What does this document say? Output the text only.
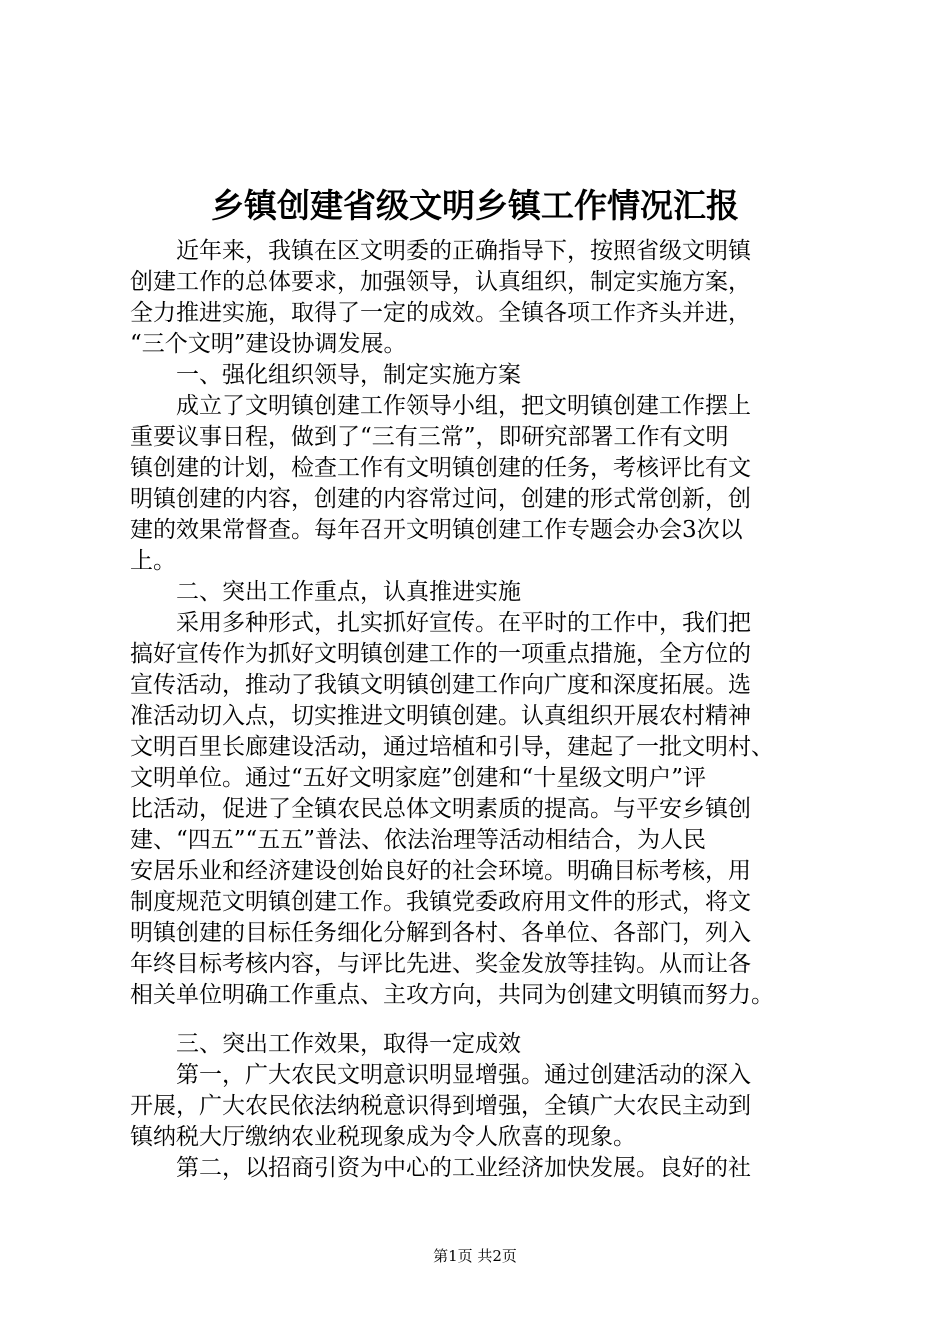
乡镇创建省级文明乡镇工作情况汇报

　　近年来，我镇在区文明委的正确指导下，按照省级文明镇

创建工作的总体要求，加强领导，认真组织，制定实施方案，

全力推进实施，取得了一定的成效。全镇各项工作齐头并进，

“三个文明”建设协调发展。

　　一、强化组织领导，制定实施方案

　　成立了文明镇创建工作领导小组，把文明镇创建工作摆上

重要议事日程，做到了“三有三常”，即研究部署工作有文明

镇创建的计划，检查工作有文明镇创建的任务，考核评比有文

明镇创建的内容，创建的内容常过问，创建的形式常创新，创

建的效果常督查。每年召开文明镇创建工作专题会办会3次以

上。

　　二、突出工作重点，认真推进实施

　　采用多种形式，扎实抓好宣传。在平时的工作中，我们把

搞好宣传作为抓好文明镇创建工作的一项重点措施，全方位的

宣传活动，推动了我镇文明镇创建工作向广度和深度拓展。选

准活动切入点，切实推进文明镇创建。认真组织开展农村精神

文明百里长廊建设活动，通过培植和引导，建起了一批文明村、

文明单位。通过“五好文明家庭”创建和“十星级文明户”评

比活动，促进了全镇农民总体文明素质的提高。与平安乡镇创

建、“四五”“五五”普法、依法治理等活动相结合，为人民

安居乐业和经济建设创始良好的社会环境。明确目标考核，用

制度规范文明镇创建工作。我镇党委政府用文件的形式，将文

明镇创建的目标任务细化分解到各村、各单位、各部门，列入

年终目标考核内容，与评比先进、奖金发放等挂钩。从而让各

相关单位明确工作重点、主攻方向，共同为创建文明镇而努力。

　　三、突出工作效果，取得一定成效

　　第一，广大农民文明意识明显增强。通过创建活动的深入

开展，广大农民依法纳税意识得到增强，全镇广大农民主动到

镇纳税大厅缴纳农业税现象成为令人欣喜的现象。

　　第二，以招商引资为中心的工业经济加快发展。良好的社

第1页 共2页
